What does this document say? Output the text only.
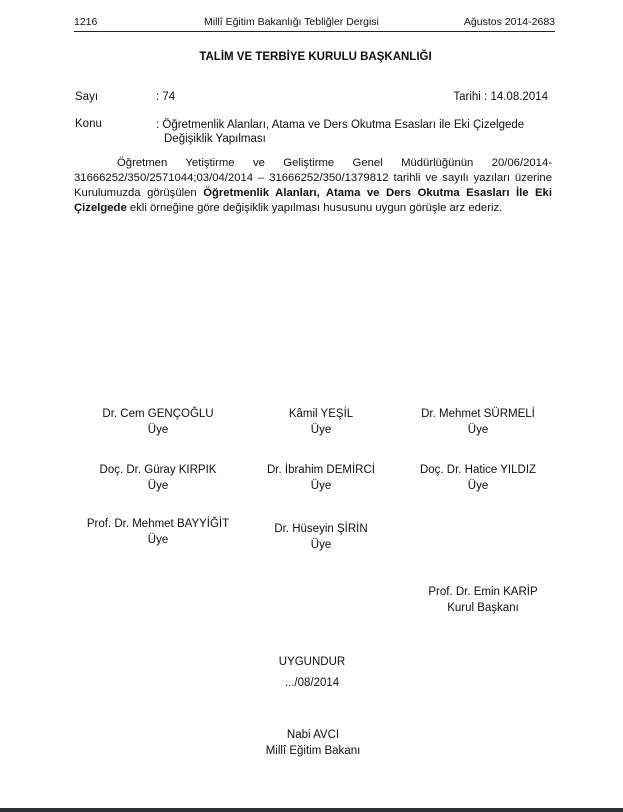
1216	Millî Eğitim Bakanlığı Tebliğler Dergisi	Ağustos 2014-2683
TALİM VE TERBİYE KURULU BAŞKANLIĞI
Sayı	: 74	Tarihi : 14.08.2014
Konu	: Öğretmenlik Alanları, Atama ve Ders Okutma Esasları ile Eki Çizelgede
Değişiklik Yapılması
Öğretmen Yetiştirme ve Geliştirme Genel Müdürlüğünün 20/06/2014-31666252/350/2571044;03/04/2014 – 31666252/350/1379812 tarihli ve sayılı yazıları üzerine Kurulumuzda görüşülen Öğretmenlik Alanları, Atama ve Ders Okutma Esasları İle Eki Çizelgede ekli örneğine göre değişiklik yapılması hususunu uygun görüşle arz ederiz.
Dr. Cem GENÇOĞLU
Üye
Kâmil YEŞİL
Üye
Dr. Mehmet SÜRMELİ
Üye
Doç. Dr. Güray KIRPIK
Üye
Dr. İbrahim DEMİRCİ
Üye
Doç. Dr. Hatice YILDIZ
Üye
Prof. Dr. Mehmet BAYYİĞİT
Üye
Dr. Hüseyin ŞİRİN
Üye
Prof. Dr. Emin KARİP
Kurul Başkanı
UYGUNDUR
.../08/2014
Nabi AVCI
Millî Eğitim Bakanı
